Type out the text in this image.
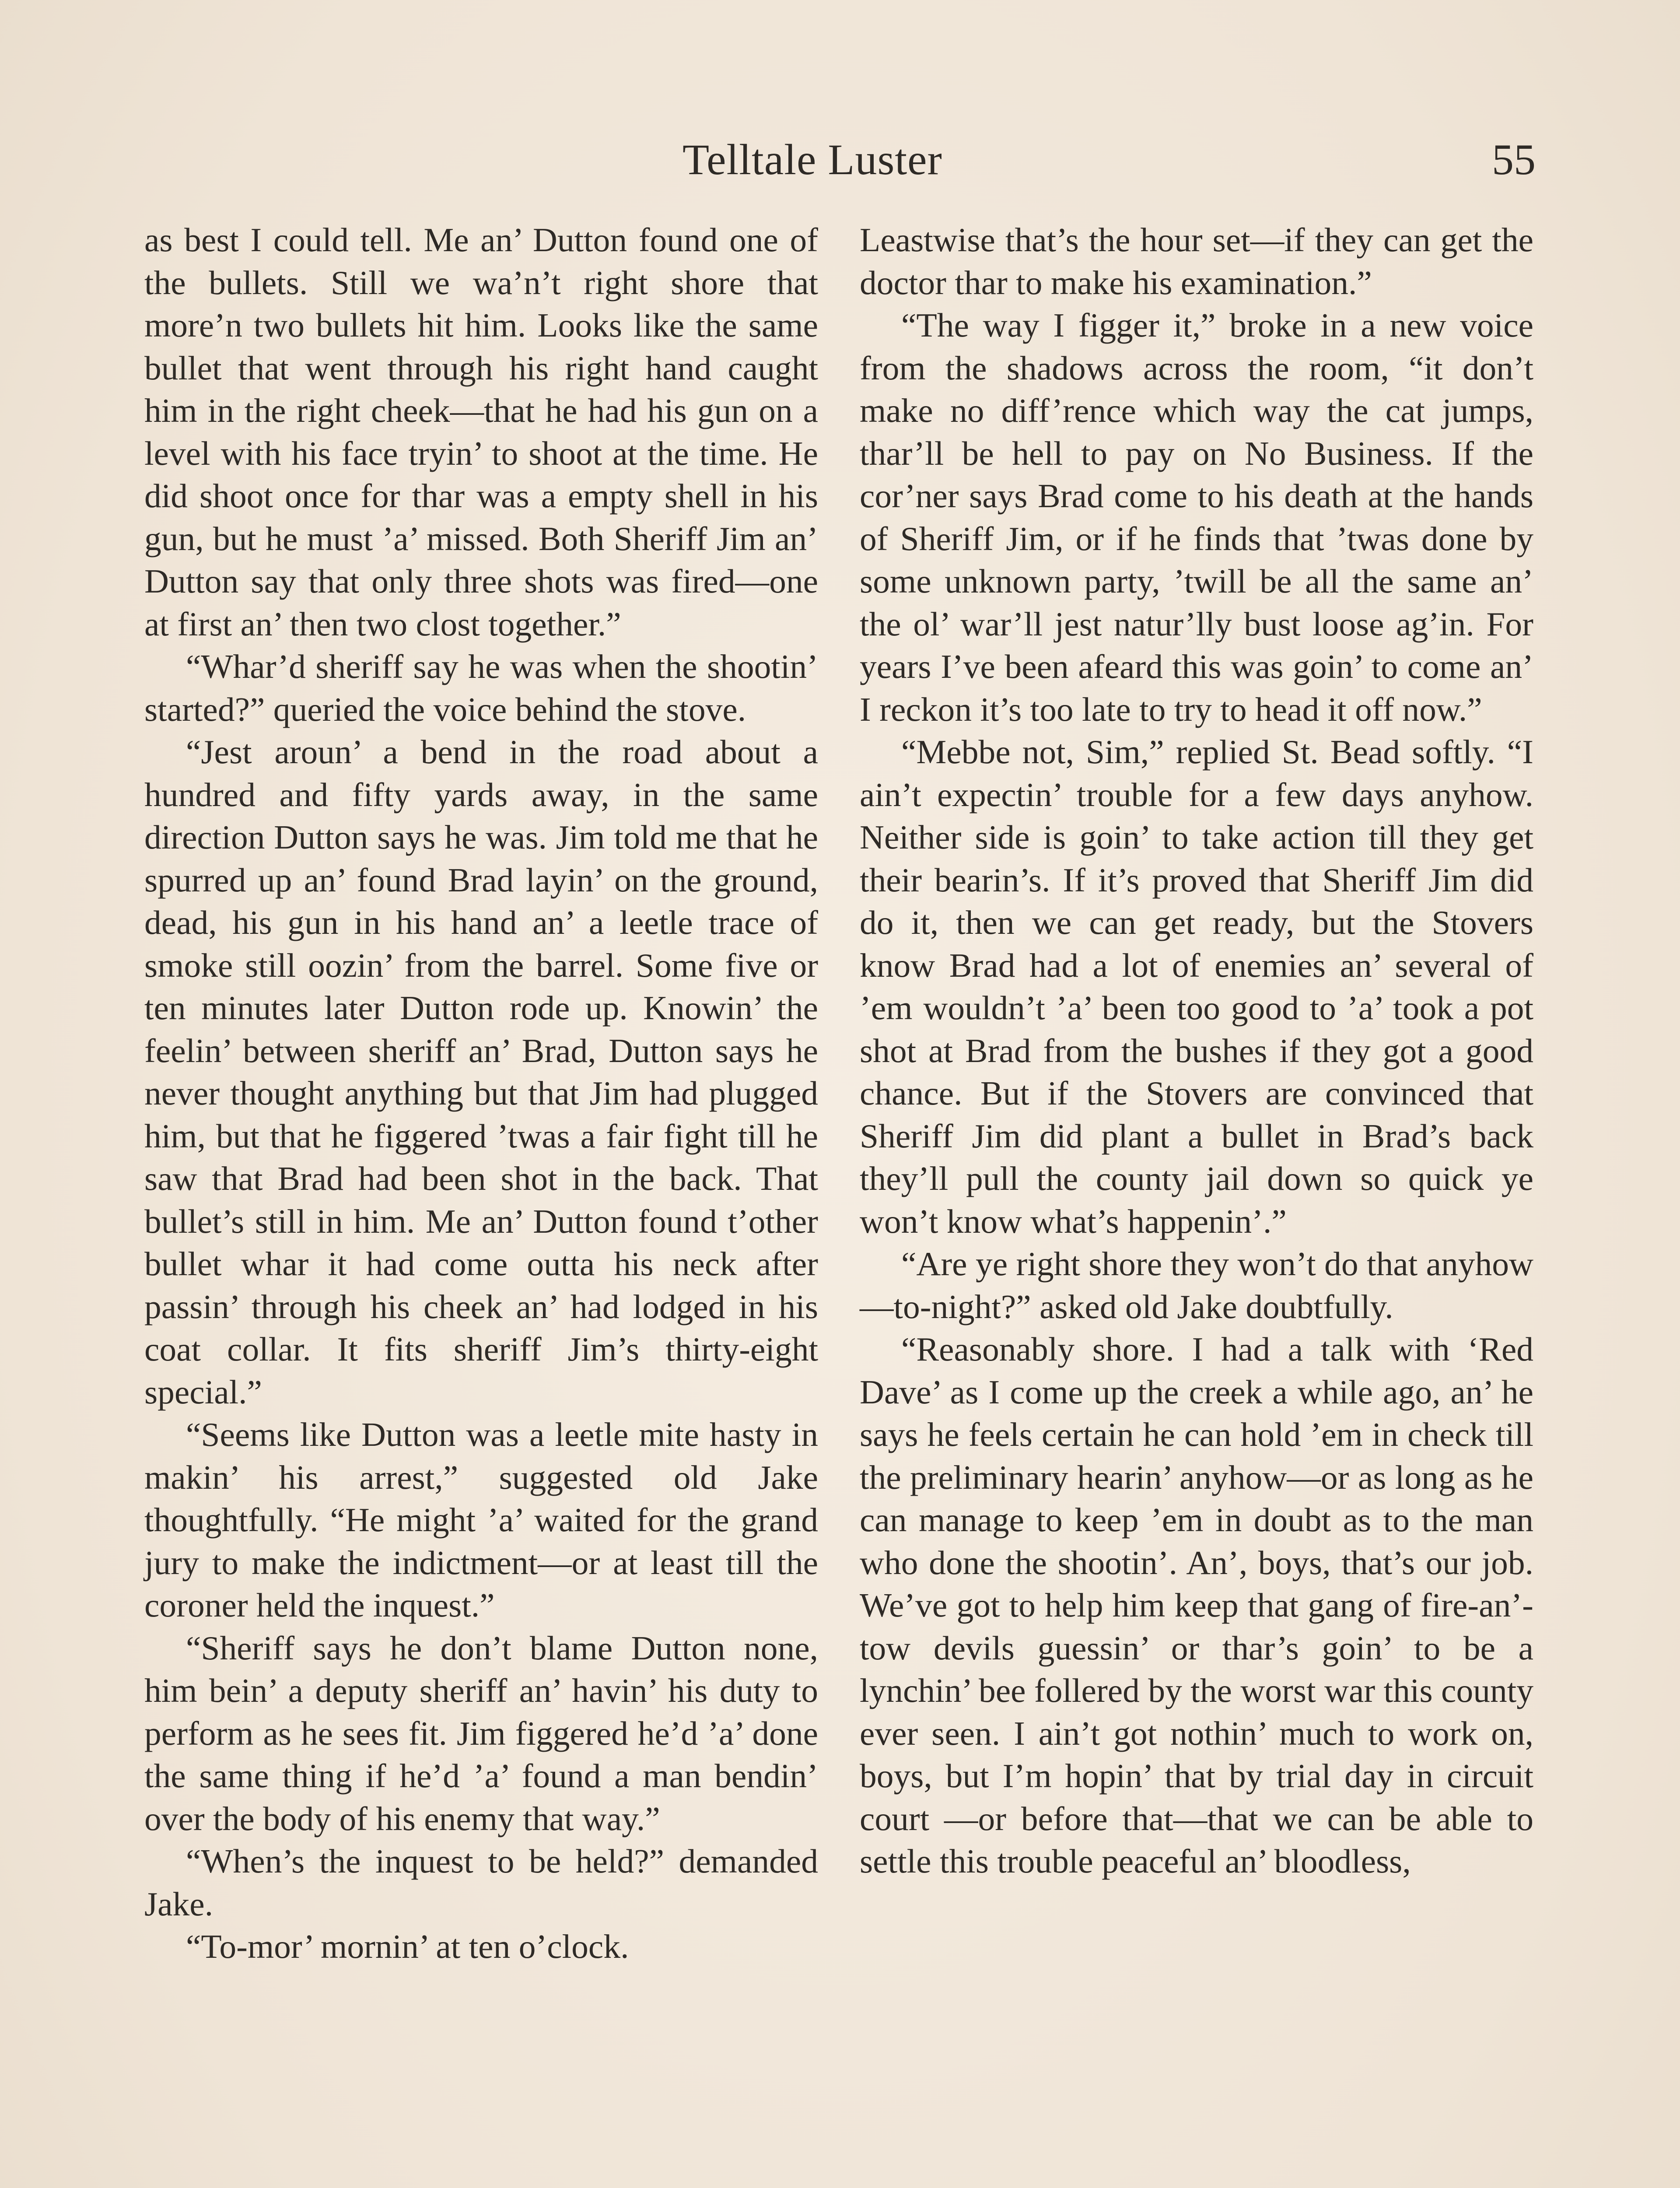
Telltale Luster	55

as best I could tell. Me an’ Dutton found one of the bullets. Still we wa’n’t right shore that more’n two bullets hit him. Looks like the same bullet that went through his right hand caught him in the right cheek—that he had his gun on a level with his face tryin’ to shoot at the time. He did shoot once for thar was a empty shell in his gun, but he must ’a’ missed. Both Sheriff Jim an’ Dutton say that only three shots was fired—one at first an’ then two clost together.”

“Whar’d sheriff say he was when the shootin’ started?” queried the voice behind the stove.

“Jest aroun’ a bend in the road about a hundred and fifty yards away, in the same direction Dutton says he was. Jim told me that he spurred up an’ found Brad layin’ on the ground, dead, his gun in his hand an’ a leetle trace of smoke still oozin’ from the barrel. Some five or ten minutes later Dutton rode up. Knowin’ the feelin’ between sheriff an’ Brad, Dutton says he never thought anything but that Jim had plugged him, but that he figgered ’twas a fair fight till he saw that Brad had been shot in the back. That bullet’s still in him. Me an’ Dutton found t’other bullet whar it had come outta his neck after passin’ through his cheek an’ had lodged in his coat collar. It fits sheriff Jim’s thirty-eight special.”

“Seems like Dutton was a leetle mite hasty in makin’ his arrest,” suggested old Jake thoughtfully. “He might ’a’ waited for the grand jury to make the indictment—or at least till the coroner held the inquest.”

“Sheriff says he don’t blame Dutton none, him bein’ a deputy sheriff an’ havin’ his duty to perform as he sees fit. Jim figgered he’d ’a’ done the same thing if he’d ’a’ found a man bendin’ over the body of his enemy that way.”

“When’s the inquest to be held?” demanded Jake.

“To-mor’ mornin’ at ten o’clock.

Leastwise that’s the hour set—if they can get the doctor thar to make his examination.”

“The way I figger it,” broke in a new voice from the shadows across the room, “it don’t make no diff’rence which way the cat jumps, thar’ll be hell to pay on No Business. If the cor’ner says Brad come to his death at the hands of Sheriff Jim, or if he finds that ’twas done by some unknown party, ’twill be all the same an’ the ol’ war’ll jest natur’lly bust loose ag’in. For years I’ve been afeard this was goin’ to come an’ I reckon it’s too late to try to head it off now.”

“Mebbe not, Sim,” replied St. Bead softly. “I ain’t expectin’ trouble for a few days anyhow. Neither side is goin’ to take action till they get their bearin’s. If it’s proved that Sheriff Jim did do it, then we can get ready, but the Stovers know Brad had a lot of enemies an’ several of ’em wouldn’t ’a’ been too good to ’a’ took a pot shot at Brad from the bushes if they got a good chance. But if the Stovers are convinced that Sheriff Jim did plant a bullet in Brad’s back they’ll pull the county jail down so quick ye won’t know what’s happenin’.”

“Are ye right shore they won’t do that anyhow—to-night?” asked old Jake doubtfully.

“Reasonably shore. I had a talk with ‘Red Dave’ as I come up the creek a while ago, an’ he says he feels certain he can hold ’em in check till the preliminary hearin’ anyhow—or as long as he can manage to keep ’em in doubt as to the man who done the shootin’. An’, boys, that’s our job. We’ve got to help him keep that gang of fire-an’-tow devils guessin’ or thar’s goin’ to be a lynchin’ bee follered by the worst war this county ever seen. I ain’t got nothin’ much to work on, boys, but I’m hopin’ that by trial day in circuit court —or before that—that we can be able to settle this trouble peaceful an’ bloodless,
